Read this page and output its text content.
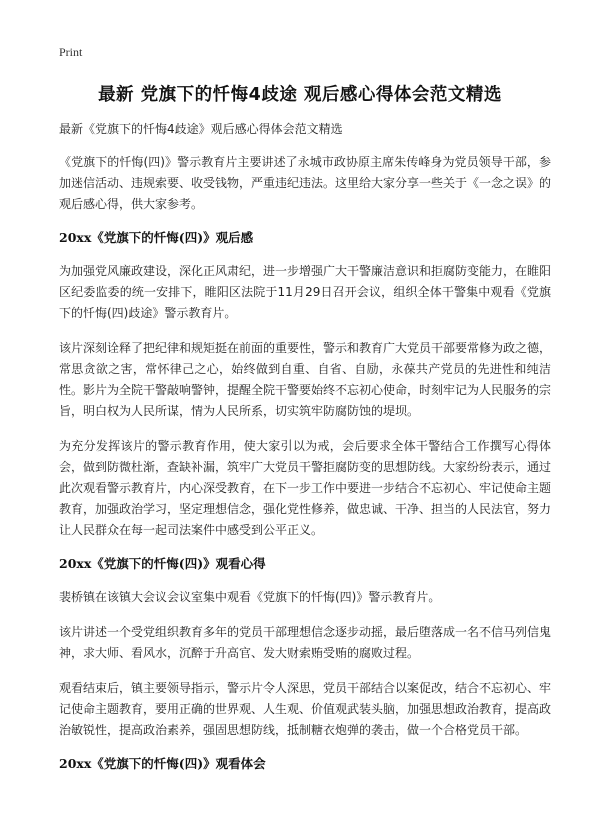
Print
最新 党旗下的忏悔4歧途 观后感心得体会范文精选
最新《党旗下的忏悔4歧途》观后感心得体会范文精选

《党旗下的忏悔(四)》警示教育片主要讲述了永城市政协原主席朱传峰身为党员领导干部，参加迷信活动、违规索要、收受钱物，严重违纪违法。这里给大家分享一些关于《一念之误》的观后感心得，供大家参考。

20xx《党旗下的忏悔(四)》观后感

为加强党风廉政建设，深化正风肃纪，进一步增强广大干警廉洁意识和拒腐防变能力，在睢阳区纪委监委的统一安排下，睢阳区法院于11月29日召开会议，组织全体干警集中观看《党旗下的忏悔(四)歧途》警示教育片。

该片深刻诠释了把纪律和规矩挺在前面的重要性，警示和教育广大党员干部要常修为政之德，常思贪欲之害，常怀律己之心，始终做到自重、自省、自励，永葆共产党员的先进性和纯洁性。影片为全院干警敲响警钟，提醒全院干警要始终不忘初心使命，时刻牢记为人民服务的宗旨，明白权为人民所谋，情为人民所系，切实筑牢防腐防蚀的堤坝。

为充分发挥该片的警示教育作用，使大家引以为戒，会后要求全体干警结合工作撰写心得体会，做到防微杜渐，查缺补漏，筑牢广大党员干警拒腐防变的思想防线。大家纷纷表示，通过此次观看警示教育片，内心深受教育，在下一步工作中要进一步结合不忘初心、牢记使命主题教育，加强政治学习，坚定理想信念，强化党性修养，做忠诚、干净、担当的人民法官，努力让人民群众在每一起司法案件中感受到公平正义。

20xx《党旗下的忏悔(四)》观看心得

裴桥镇在该镇大会议会议室集中观看《党旗下的忏悔(四)》警示教育片。

该片讲述一个受党组织教育多年的党员干部理想信念逐步动摇，最后堕落成一名不信马列信鬼神，求大师、看风水，沉醉于升高官、发大财索贿受贿的腐败过程。

观看结束后，镇主要领导指示，警示片令人深思，党员干部结合以案促改，结合不忘初心、牢记使命主题教育，要用正确的世界观、人生观、价值观武装头脑，加强思想政治教育，提高政治敏锐性，提高政治素养，强固思想防线，抵制糖衣炮弹的袭击，做一个合格党员干部。

20xx《党旗下的忏悔(四)》观看体会
